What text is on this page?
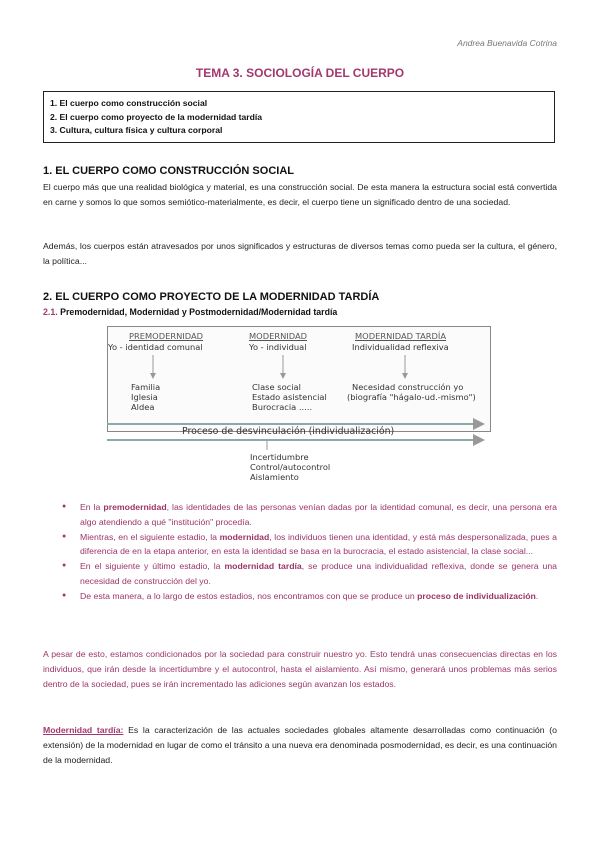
Andrea Buenavida Cotrina
TEMA 3. SOCIOLOGÍA DEL CUERPO
1. El cuerpo como construcción social
2. El cuerpo como proyecto de la modernidad tardía
3. Cultura, cultura física y cultura corporal
1. EL CUERPO COMO CONSTRUCCIÓN SOCIAL
El cuerpo más que una realidad biológica y material, es una construcción social. De esta manera la estructura social está convertida en carne y somos lo que somos semiótico-materialmente, es decir, el cuerpo tiene un significado dentro de una sociedad.
Además, los cuerpos están atravesados por unos significados y estructuras de diversos temas como pueda ser la cultura, el género, la política...
2. EL CUERPO COMO PROYECTO DE LA MODERNIDAD TARDÍA
2.1. Premodernidad, Modernidad y Postmodernidad/Modernidad tardía
PREMODERNIDAD
Yo - identidad comunal
Familia
Iglesia
Aldea
MODERNIDAD
Yo - individual
Clase social
Estado asistencial
Burocracia .....
MODERNIDAD TARDÍA
Individualidad reflexiva
Necesidad construcción yo
(biografía "hágalo-ud.-mismo")
Proceso de desvinculación (individualización)
Incertidumbre
Control/autocontrol
Aislamiento
● En la premodernidad, las identidades de las personas venían dadas por la identidad comunal, es decir, una persona era algo atendiendo a qué "institución" procedía.
● Mientras, en el siguiente estadio, la modernidad, los individuos tienen una identidad, y está más despersonalizada, pues a diferencia de en la etapa anterior, en esta la identidad se basa en la burocracia, el estado asistencial, la clase social...
● En el siguiente y último estadio, la modernidad tardía, se produce una individualidad reflexiva, donde se genera una necesidad de construcción del yo.
● De esta manera, a lo largo de estos estadios, nos encontramos con que se produce un proceso de individualización.
A pesar de esto, estamos condicionados por la sociedad para construir nuestro yo. Esto tendrá unas consecuencias directas en los individuos, que irán desde la incertidumbre y el autocontrol, hasta el aislamiento. Así mismo, generará unos problemas más serios dentro de la sociedad, pues se irán incrementado las adiciones según avanzan los estados.
Modernidad tardía: Es la caracterización de las actuales sociedades globales altamente desarrolladas como continuación (o extensión) de la modernidad en lugar de como el tránsito a una nueva era denominada posmodernidad, es decir, es una continuación de la modernidad.
